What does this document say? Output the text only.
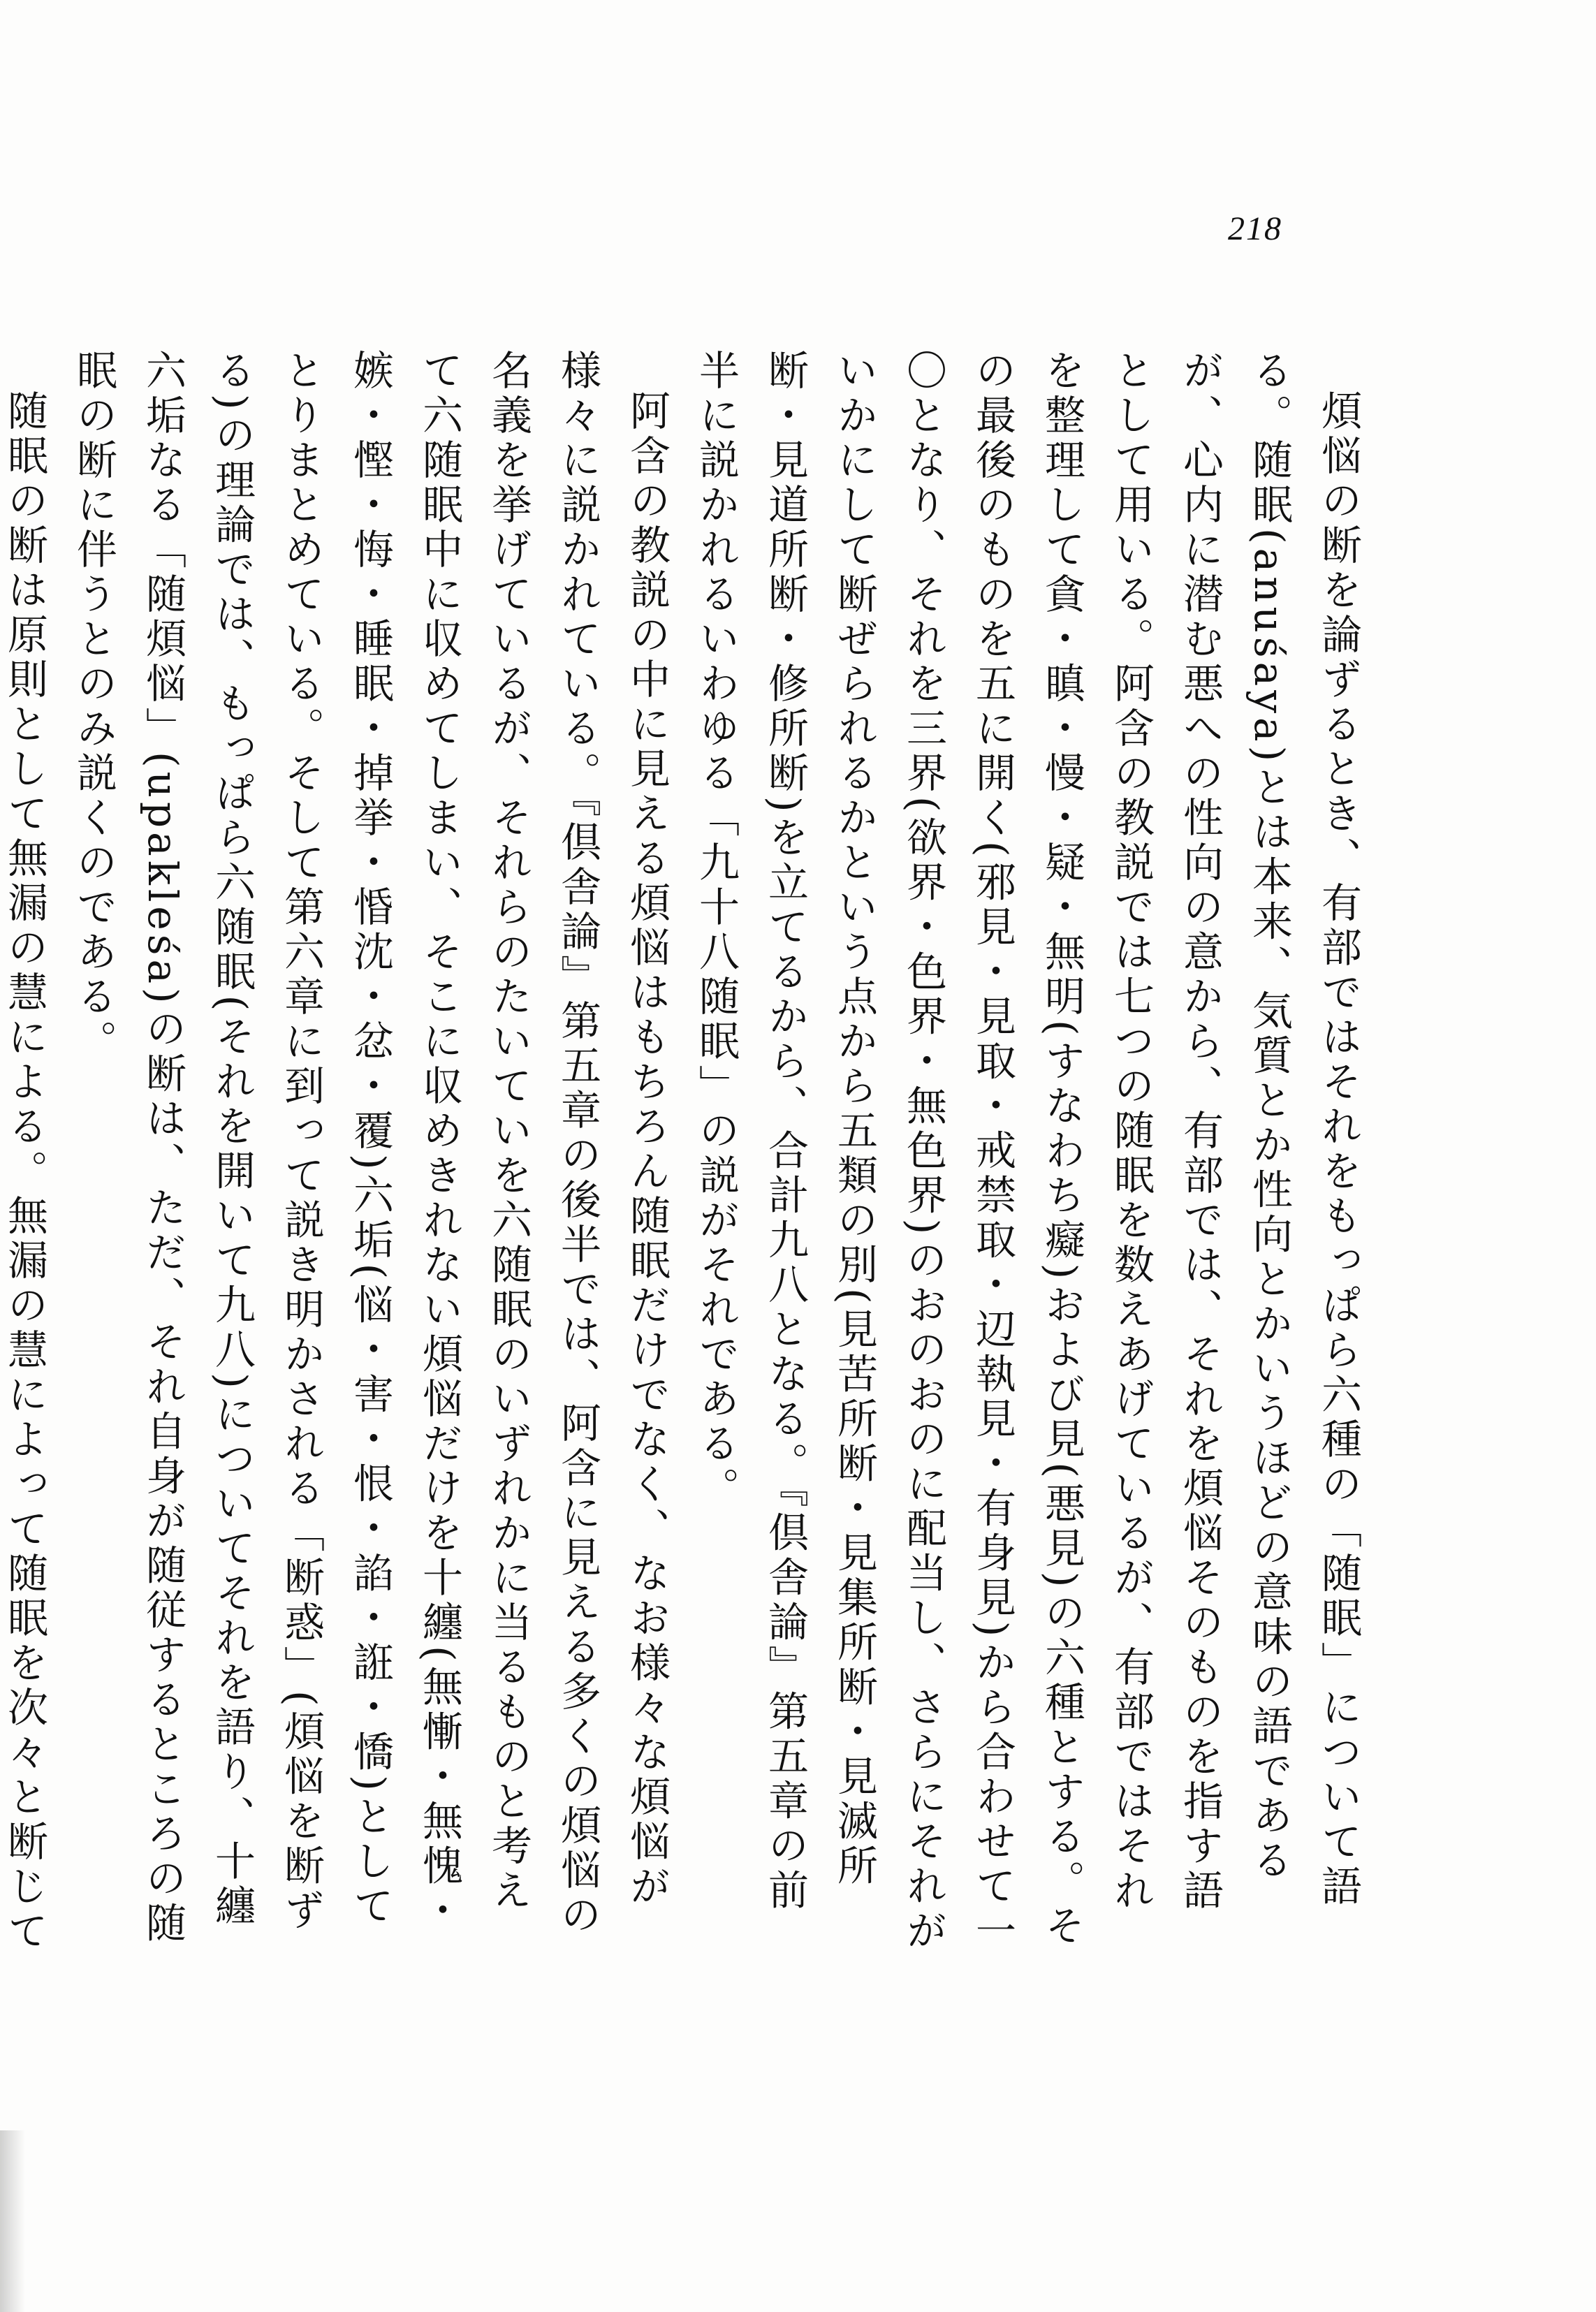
218

煩悩の断を論ずるとき、有部ではそれをもっぱら六種の「随眠」について語る。随眠(anuśaya)とは本来、気質とか性向とかいうほどの意味の語であるが、心内に潜む悪への性向の意から、有部では、それを煩悩そのものを指す語として用いる。阿含の教説では七つの随眠を数えあげているが、有部ではそれを整理して貪・瞋・慢・疑・無明(すなわち癡)および見(悪見)の六種とする。その最後のものを五に開く(邪見・見取・戒禁取・辺執見・有身見)から合わせて一〇となり、それを三界(欲界・色界・無色界)のおのおのに配当し、さらにそれがいかにして断ぜられるかという点から五類の別(見苦所断・見集所断・見滅所断・見道所断・修所断)を立てるから、合計九八となる。『倶舎論』第五章の前半に説かれるいわゆる「九十八随眠」の説がそれである。

阿含の教説の中に見える煩悩はもちろん随眠だけでなく、なお様々な煩悩が様々に説かれている。『倶舎論』第五章の後半では、阿含に見える多くの煩悩の名義を挙げているが、それらのたいていを六随眠のいずれかに当るものと考えて六随眠中に収めてしまい、そこに収めきれない煩悩だけを十纏(無慚・無愧・嫉・慳・悔・睡眠・掉挙・惛沈・忿・覆)六垢(悩・害・恨・諂・誑・憍)としてとりまとめている。そして第六章に到って説き明かされる「断惑」(煩悩を断ずる)の理論では、もっぱら六随眠(それを開いて九八)についてそれを語り、十纏六垢なる「随煩悩」(upakleśa)の断は、ただ、それ自身が随従するところの随眠の断に伴うとのみ説くのである。

随眠の断は原則として無漏の慧による。無漏の慧によって随眠を次々と断じて
